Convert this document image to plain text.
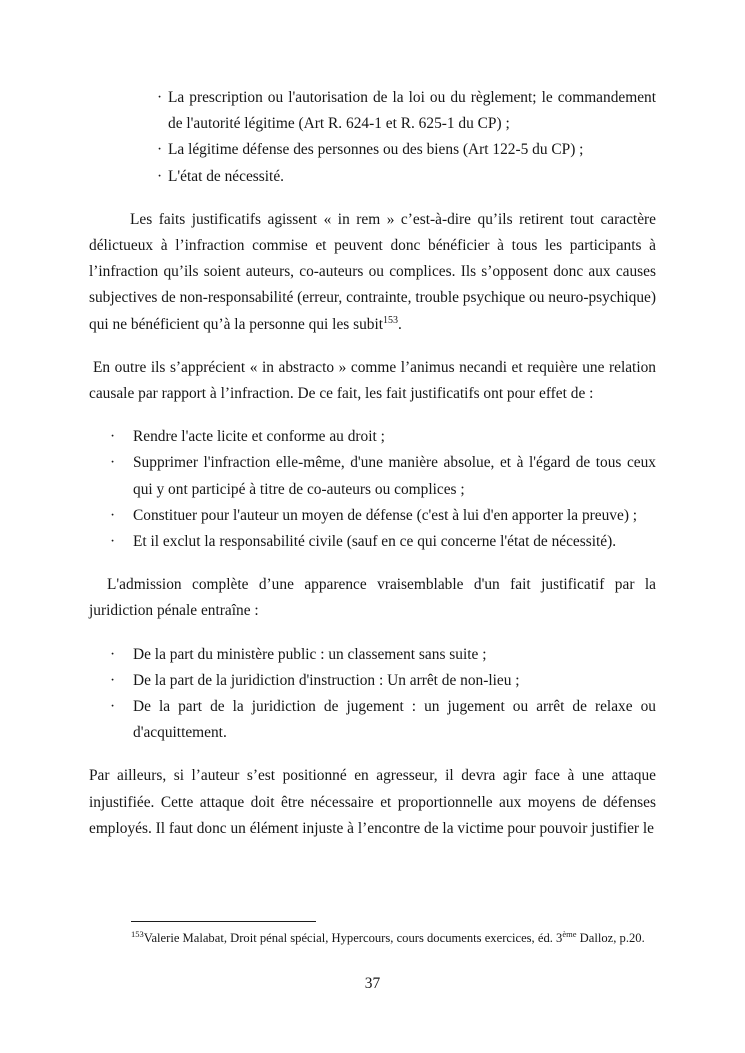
· La prescription ou l'autorisation de la loi ou du règlement; le commandement de l'autorité légitime (Art R. 624-1 et R. 625-1 du CP) ;
· La légitime défense des personnes ou des biens (Art 122-5 du CP) ;
· L'état de nécessité.

Les faits justificatifs agissent « in rem » c’est-à-dire qu’ils retirent tout caractère délictueux à l’infraction commise et peuvent donc bénéficier à tous les participants à l’infraction qu’ils soient auteurs, co-auteurs ou complices. Ils s’opposent donc aux causes subjectives de non-responsabilité (erreur, contrainte, trouble psychique ou neuro-psychique) qui ne bénéficient qu’à la personne qui les subit$^{153}$.

En outre ils s’apprécient « in abstracto » comme l’animus necandi et requière une relation causale par rapport à l’infraction. De ce fait, les fait justificatifs ont pour effet de :

· Rendre l'acte licite et conforme au droit ;
· Supprimer l'infraction elle-même, d'une manière absolue, et à l'égard de tous ceux qui y ont participé à titre de co-auteurs ou complices ;
· Constituer pour l'auteur un moyen de défense (c'est à lui d'en apporter la preuve) ;
· Et il exclut la responsabilité civile (sauf en ce qui concerne l'état de nécessité).

L'admission complète d’une apparence vraisemblable d'un fait justificatif par la juridiction pénale entraîne :

· De la part du ministère public : un classement sans suite ;
· De la part de la juridiction d'instruction : Un arrêt de non-lieu ;
· De la part de la juridiction de jugement : un jugement ou arrêt de relaxe ou d'acquittement.

Par ailleurs, si l’auteur s’est positionné en agresseur, il devra agir face à une attaque injustifiée. Cette attaque doit être nécessaire et proportionnelle aux moyens de défenses employés. Il faut donc un élément injuste à l’encontre de la victime pour pouvoir justifier le

$^{153}$Valerie Malabat, Droit pénal spécial, Hypercours, cours documents exercices, éd. 3ème Dalloz, p.20.
37
